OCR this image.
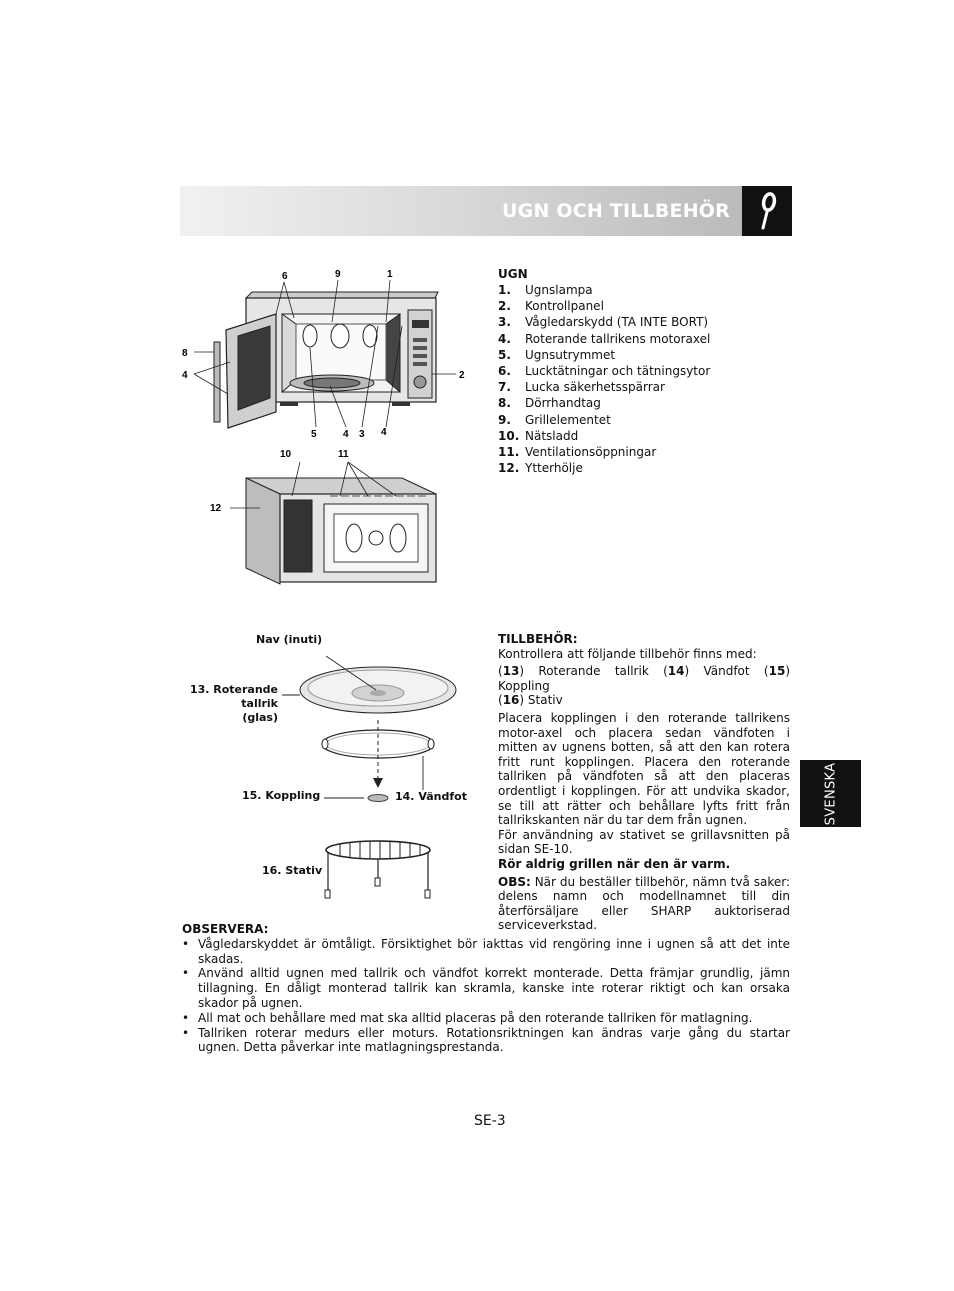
UGN OCH TILLBEHÖR
SVENSKA
6	9	1
8
4	2
5	4 3 4
10	11
12
UGN
1.	Ugnslampa
2.	Kontrollpanel
3.	Vågledarskydd (TA INTE BORT)
4.	Roterande tallrikens motoraxel
5.	Ugnsutrymmet
6.	Lucktätningar och tätningsytor
7.	Lucka säkerhetsspärrar
8.	Dörrhandtag
9.	Grillelementet
10. Nätsladd
11. Ventilationsöppningar
12. Ytterhölje
Nav (inuti)
13. Roterande
tallrik
(glas)
15. Koppling	14. Vändfot
16. Stativ

TILLBEHÖR:

Kontrollera att följande tillbehör finns med:

(13) Roterande tallrik (14) Vändfot (15) Koppling

(16) Stativ

Placera kopplingen i den roterande tallrikens motor-axel och placera sedan vändfoten i mitten av ugnens botten, så att den kan rotera fritt runt kopplingen. Placera den roterande tallriken på vändfoten så att den placeras ordentligt i kopplingen. För att undvika skador, se till att rätter och behållare lyfts fritt från tallrikskanten när du tar dem från ugnen.

För användning av stativet se grillavsnitten på sidan SE-10.

Rör aldrig grillen när den är varm.

OBS: När du beställer tillbehör, nämn två saker: delens namn och modellnamnet till din återförsäljare eller SHARP auktoriserad serviceverkstad.

OBSERVERA:
• Vågledarskyddet är ömtåligt. Försiktighet bör iakttas vid rengöring inne i ugnen så att det inte skadas.
• Använd alltid ugnen med tallrik och vändfot korrekt monterade. Detta främjar grundlig, jämn tillagning. En dåligt monterad tallrik kan skramla, kanske inte roterar riktigt och kan orsaka skador på ugnen.
• All mat och behållare med mat ska alltid placeras på den roterande tallriken för matlagning.
• Tallriken roterar medurs eller moturs. Rotationsriktningen kan ändras varje gång du startar ugnen. Detta påverkar inte matlagningsprestanda.
SE-3
